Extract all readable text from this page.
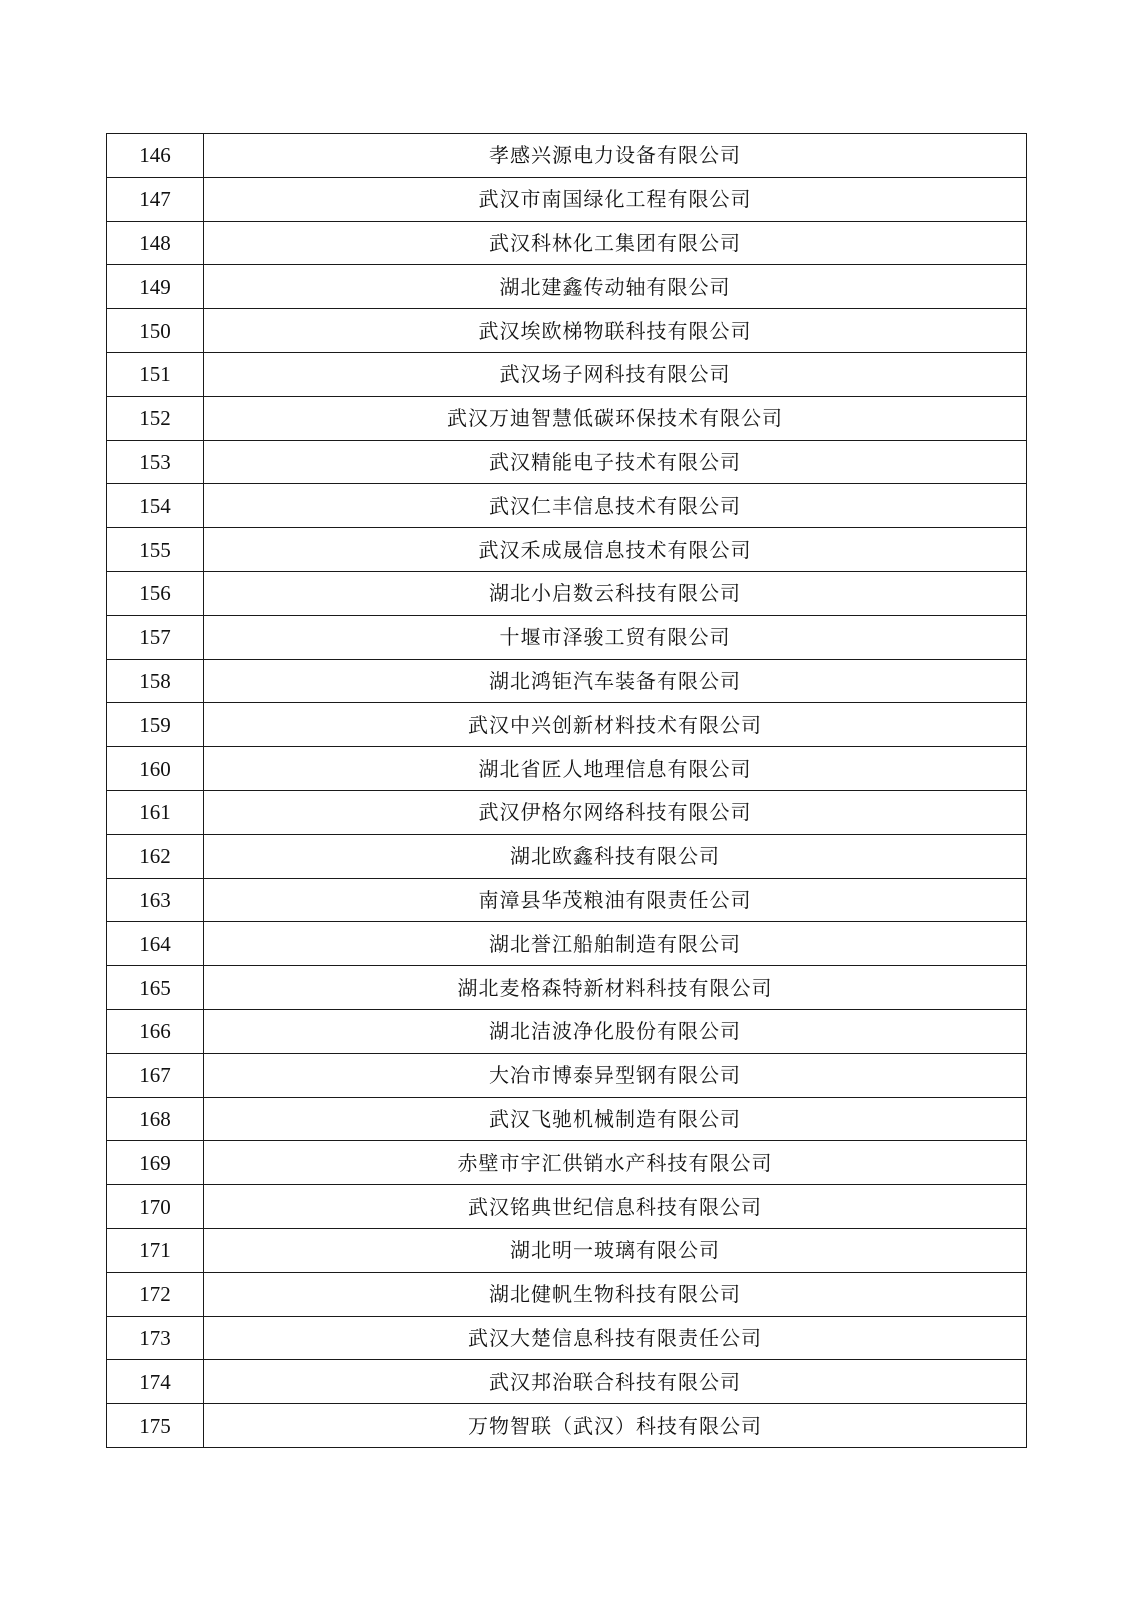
146	孝感兴源电力设备有限公司
147	武汉市南国绿化工程有限公司
148	武汉科林化工集团有限公司
149	湖北建鑫传动轴有限公司
150	武汉埃欧梯物联科技有限公司
151	武汉场子网科技有限公司
152	武汉万迪智慧低碳环保技术有限公司
153	武汉精能电子技术有限公司
154	武汉仁丰信息技术有限公司
155	武汉禾成晟信息技术有限公司
156	湖北小启数云科技有限公司
157	十堰市泽骏工贸有限公司
158	湖北鸿钜汽车装备有限公司
159	武汉中兴创新材料技术有限公司
160	湖北省匠人地理信息有限公司
161	武汉伊格尔网络科技有限公司
162	湖北欧鑫科技有限公司
163	南漳县华茂粮油有限责任公司
164	湖北誉江船舶制造有限公司
165	湖北麦格森特新材料科技有限公司
166	湖北洁波净化股份有限公司
167	大冶市博泰异型钢有限公司
168	武汉飞驰机械制造有限公司
169	赤壁市宇汇供销水产科技有限公司
170	武汉铭典世纪信息科技有限公司
171	湖北明一玻璃有限公司
172	湖北健帆生物科技有限公司
173	武汉大楚信息科技有限责任公司
174	武汉邦治联合科技有限公司
175	万物智联（武汉）科技有限公司
